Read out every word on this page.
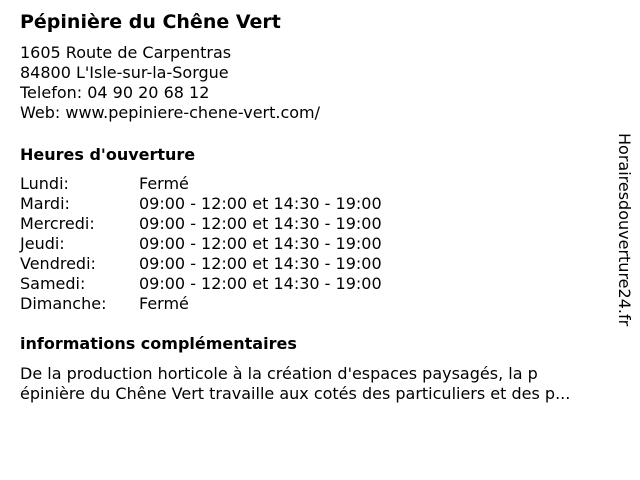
Pépinière du Chêne Vert
1605 Route de Carpentras
84800 L'Isle-sur-la-Sorgue
Telefon: 04 90 20 68 12
Web: www.pepiniere-chene-vert.com/
Heures d'ouverture
Lundi:	Fermé
Mardi:	09:00 - 12:00 et 14:30 - 19:00
Mercredi:	09:00 - 12:00 et 14:30 - 19:00
Jeudi:	09:00 - 12:00 et 14:30 - 19:00
Vendredi:	09:00 - 12:00 et 14:30 - 19:00
Samedi:	09:00 - 12:00 et 14:30 - 19:00
Dimanche: Fermé
informations complémentaires
De la production horticole à la création d'espaces paysagés, la p
épinière du Chêne Vert travaille aux cotés des particuliers et des p...
Horairesdouverture24.fr
